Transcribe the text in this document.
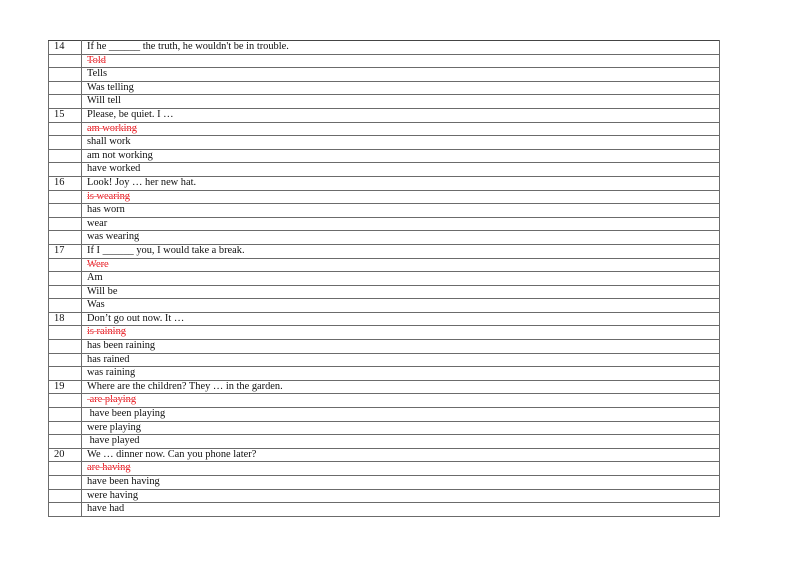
14	If he ______ the truth, he wouldn't be in trouble.
	Told
	Tells
	Was telling
	Will tell
15	Please, be quiet. I …
	am working
	shall work
	am not working
	have worked
16	Look! Joy … her new hat.
	is wearing
	has worn
	wear
	was wearing
17	If I ______ you, I would take a break.
	Were
	Am
	Will be
	Was
18	Don’t go out now. It …
	is raining
	has been raining
	has rained
	was raining
19	Where are the children? They … in the garden.
	are playing
	have been playing
	were playing
	have played
20	We … dinner now. Can you phone later?
	are having
	have been having
	were having
	have had
